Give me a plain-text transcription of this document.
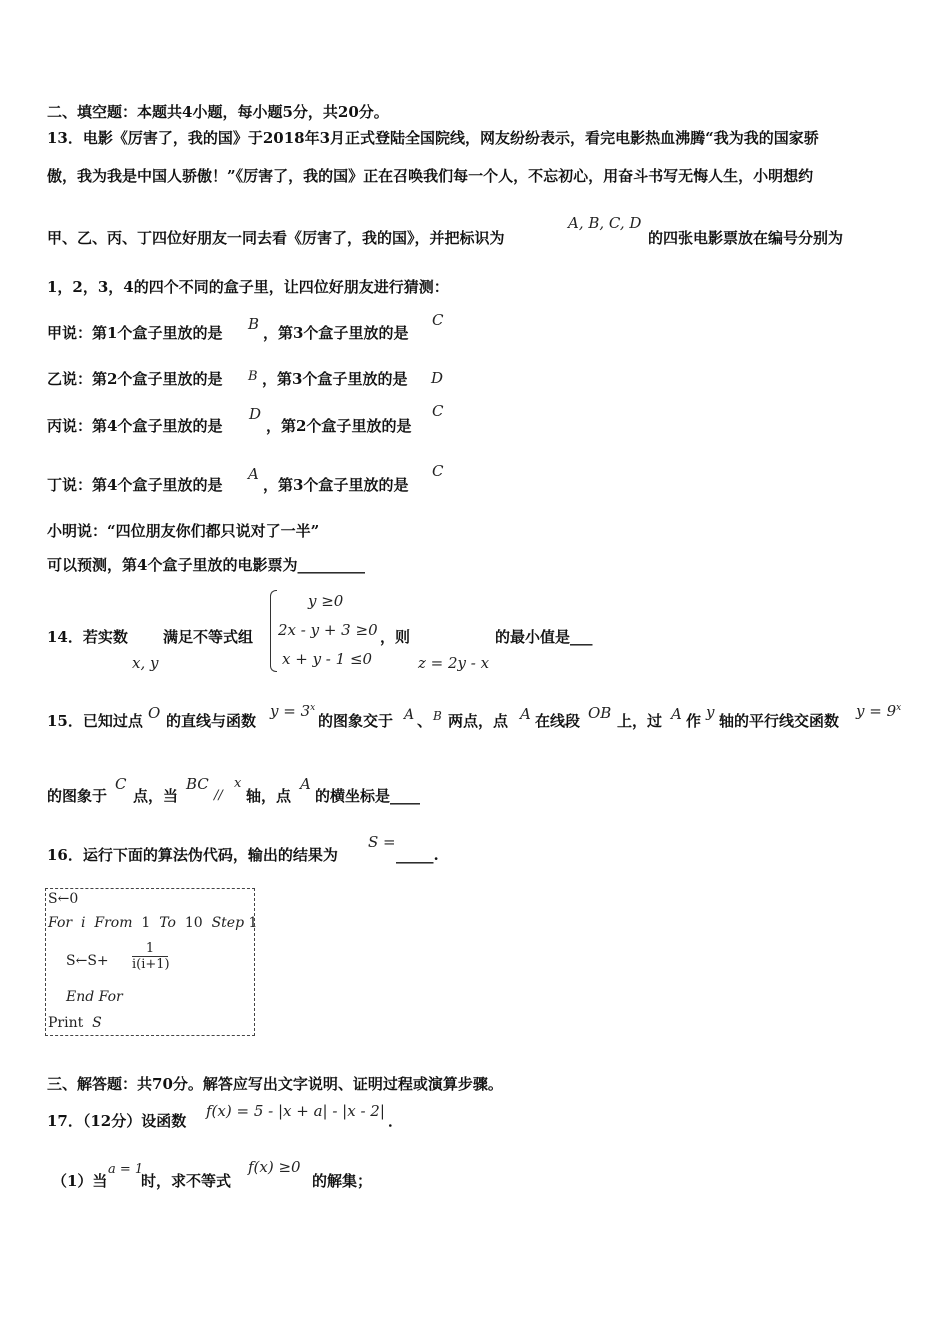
二、填空题：本题共4小题，每小题5分，共20分。
13．电影《厉害了，我的国》于2018年3月正式登陆全国院线，网友纷纷表示，看完电影热血沸腾“我为我的国家骄
傲，我为我是中国人骄傲！”《厉害了，我的国》正在召唤我们每一个人，不忘初心，用奋斗书写无悔人生，小明想约
甲、乙、丙、丁四位好朋友一同去看《厉害了，我的国》，并把标识为
A, B, C, D
的四张电影票放在编号分别为
1，2，3，4的四个不同的盒子里，让四位好朋友进行猜测：
甲说：第1个盒子里放的是 B ，第3个盒子里放的是
C
乙说：第2个盒子里放的是 B ，第3个盒子里放的是 D
丙说：第4个盒子里放的是
D
，第2个盒子里放的是
C
丁说：第4个盒子里放的是
A
，第3个盒子里放的是
C
小明说：“四位朋友你们都只说对了一半”
可以预测，第4个盒子里放的电影票为_________
14．若实数
x, y
满足不等式组
y ≥0
2x - y + 3 ≥0
x + y - 1 ≤0
，则
z = 2y - x
的最小值是___
15．已知过点 O 的直线与函数
$y = 3^x$
的图象交于 A 、 B 两点，点 A 在线段 OB 上，过 A 作 y 轴的平行线交函数
$y = 9^x$
的图象于
C
点，当
BC
//
x
轴，点
A
的横坐标是____
16．运行下面的算法伪代码，输出的结果为
S =
_____.
S←0
For i From 1 To 10 Step 1
S←S+ $\frac{1}{i(i+1)}$
End For
Print S
三、解答题：共70分。解答应写出文字说明、证明过程或演算步骤。
17．（12分）设函数
f(x) = 5 - |x + a| - |x - 2|
．
（1）当
a = 1
时，求不等式
f(x) ≥0
的解集；
